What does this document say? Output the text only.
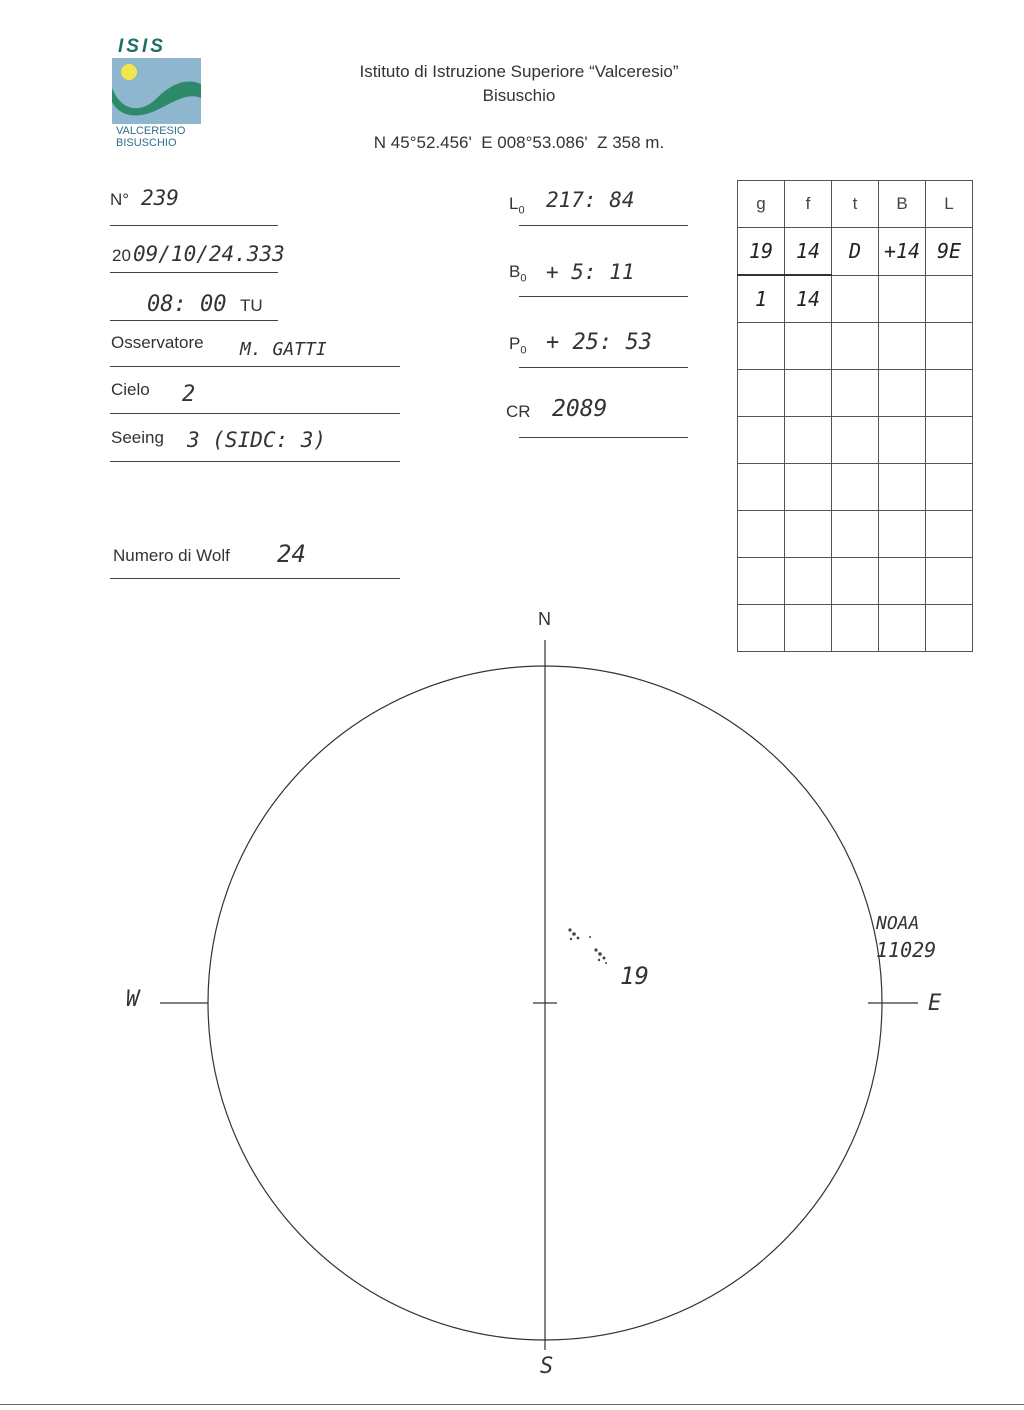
ISIS
VALCERESIO
BISUSCHIO
Istituto di Istruzione Superiore “Valceresio”
Bisuschio
N 45°52.456'  E 008°53.086'  Z 358 m.
N° 239
20 09/10/24.333
08: 00 TU
Osservatore M. GATTI
Cielo 2
Seeing 3 (SIDC: 3)
Numero di Wolf 24
$L_0$ 217: 84
$B_0 + 5$: 11
$P_0 + 25$: 53
CR 2089
g	f	t	B	L
19	14	D	+14	9E
1	14			

N
S
W	E
19
NOAA
11029
